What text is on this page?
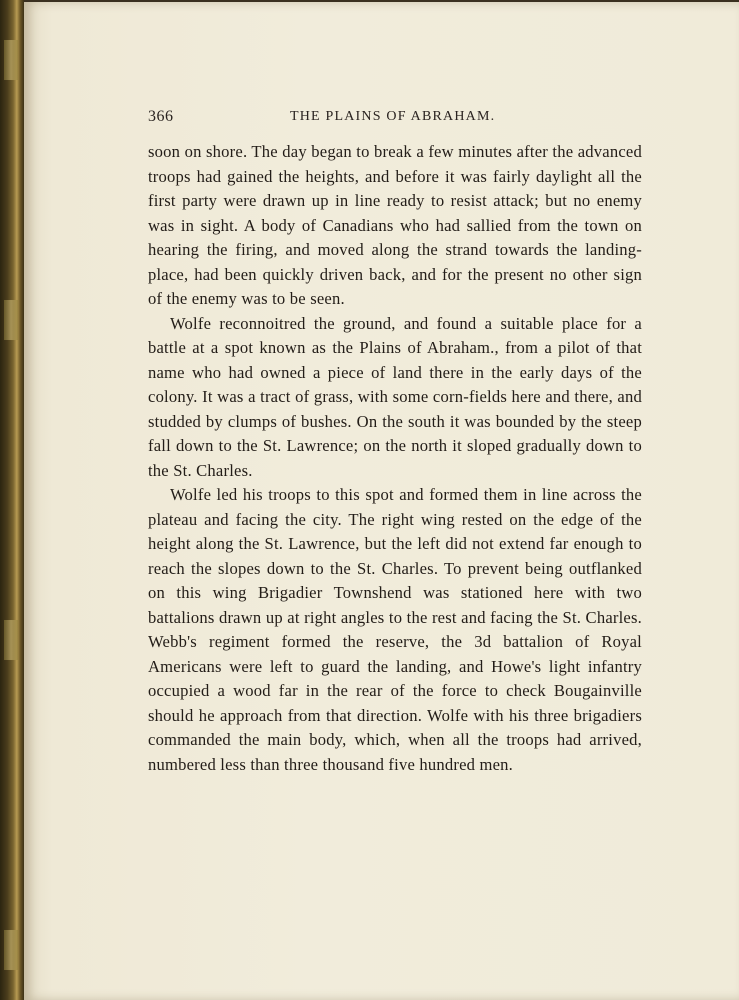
366	THE PLAINS OF ABRAHAM.

soon on shore. The day began to break a few minutes after the advanced troops had gained the heights, and before it was fairly daylight all the first party were drawn up in line ready to resist attack; but no enemy was in sight. A body of Canadians who had sallied from the town on hearing the firing, and moved along the strand towards the landing-place, had been quickly driven back, and for the present no other sign of the enemy was to be seen.

Wolfe reconnoitred the ground, and found a suitable place for a battle at a spot known as the Plains of Abraham., from a pilot of that name who had owned a piece of land there in the early days of the colony. It was a tract of grass, with some corn-fields here and there, and studded by clumps of bushes. On the south it was bounded by the steep fall down to the St. Lawrence; on the north it sloped gradually down to the St. Charles.

Wolfe led his troops to this spot and formed them in line across the plateau and facing the city. The right wing rested on the edge of the height along the St. Lawrence, but the left did not extend far enough to reach the slopes down to the St. Charles. To prevent being outflanked on this wing Brigadier Townshend was stationed here with two battalions drawn up at right angles to the rest and facing the St. Charles. Webb's regiment formed the reserve, the 3d battalion of Royal Americans were left to guard the landing, and Howe's light infantry occupied a wood far in the rear of the force to check Bougainville should he approach from that direction. Wolfe with his three brigadiers commanded the main body, which, when all the troops had arrived, numbered less than three thousand five hundred men.
